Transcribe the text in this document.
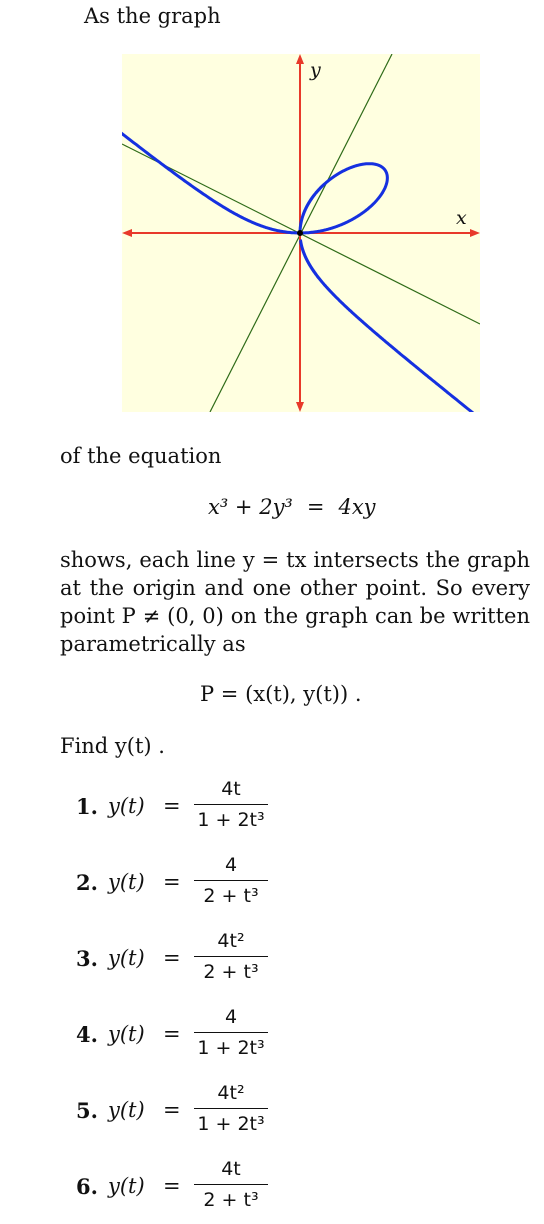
As the graph
y
x
of the equation
x³ + 2y³ = 4xy
shows, each line y = tx intersects the graph at the origin and one other point. So every point P ≠ (0, 0) on the graph can be written parametrically as
P = (x(t), y(t)) .
Find y(t) .
1. y(t) =
4t
1 + 2t³
2. y(t) =
4
2 + t³
3. y(t) =
4t²
2 + t³
4. y(t) =
4
1 + 2t³
5. y(t) =
4t²
1 + 2t³
6. y(t) =
4t
2 + t³
